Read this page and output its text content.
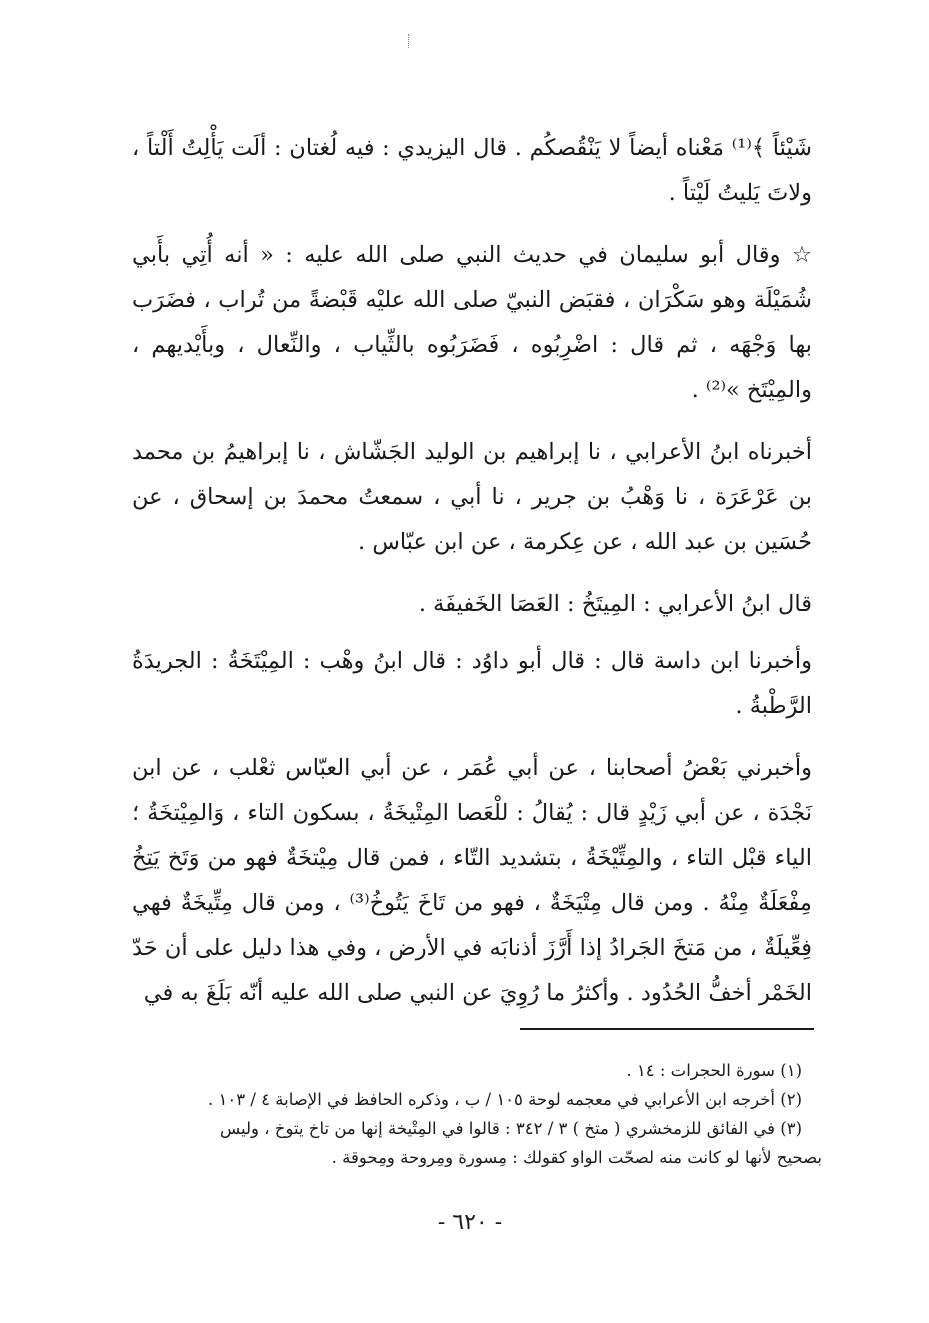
شَيْئاً ﴾⁽¹⁾ مَعْناه أيضاً لا يَنْقُصكُم . قال اليزيدي : فيه لُغتان : ألَت يَأْلِتُ أَلْتاً ، ولاتَ يَليتُ لَيْتاً .

☆ وقال أبو سليمان في حديث النبي صلى الله عليه : « أنه أُتِي بأَبي شُمَيْلَة وهو سَكْرَان ، فقبَض النبيّ صلى الله عليْه قَبْضةً من تُراب ، فضَرَب بها وَجْهَه ، ثم قال : اضْرِبُوه ، فَضَرَبُوه بالثِّياب ، والنِّعال ، وبأَيْديهم ، والمِيْتَخ »⁽²⁾ .

أخبرناه ابنُ الأعرابي ، نا إبراهيم بن الوليد الجَشّاش ، نا إبراهيمُ بن محمد بن عَرْعَرَة ، نا وَهْبُ بن جرير ، نا أبي ، سمعتُ محمدَ بن إسحاق ، عن حُسَين بن عبد الله ، عن عِكرمة ، عن ابن عبّاس .

قال ابنُ الأعرابي : المِيتَخُ : العَصَا الخَفيفَة .

وأخبرنا ابن داسة قال : قال أبو داوُد : قال ابنُ وهْب : المِيْتَخَةُ : الجريدَةُ الرَّطْبةُ .

وأخبرني بَعْضُ أصحابنا ، عن أبي عُمَر ، عن أبي العبّاس ثعْلب ، عن ابن نَجْدَة ، عن أبي زَيْدٍ قال : يُقالُ : للْعَصا المِتْيخَةُ ، بسكون التاء ، وَالمِيْتخَةُ ؛ الياء قبْل التاء ، والمِتِّيْخَةُ ، بتشديد التّاء ، فمن قال مِيْتخَةٌ فهو من وَتَخ يَتِخُ مِفْعَلَةٌ مِنْهُ . ومن قال مِتْيَخَةٌ ، فهو من تَاخَ يَتُوخُ⁽³⁾ ، ومن قال مِتِّيخَةٌ فهي فِعِّيلَةٌ ، من مَتخَ الجَرادُ إذا أَرَّزَ أذنابَه في الأرض ، وفي هذا دليل على أن حَدّ الخَمْر أخفُّ الحُدُود . وأكثرُ ما رُوِيَ عن النبي صلى الله عليه أنّه بَلَغَ به في

(١) سورة الحجرات : ١٤ .

(٢) أخرجه ابن الأعرابي في معجمه لوحة ١٠٥ / ب ، وذكره الحافظ في الإصابة ٤ / ١٠٣ .

(٣) في الفائق للزمخشري ( متخ ) ٣ / ٣٤٢ : قالوا في المِتْيخة إنها من تاخ يتوخ ، وليس

بصحيح لأنها لو كانت منه لصحّت الواو كقولك : مِسورة ومِروحة ومِحوقة .

- ٦٢٠ -
